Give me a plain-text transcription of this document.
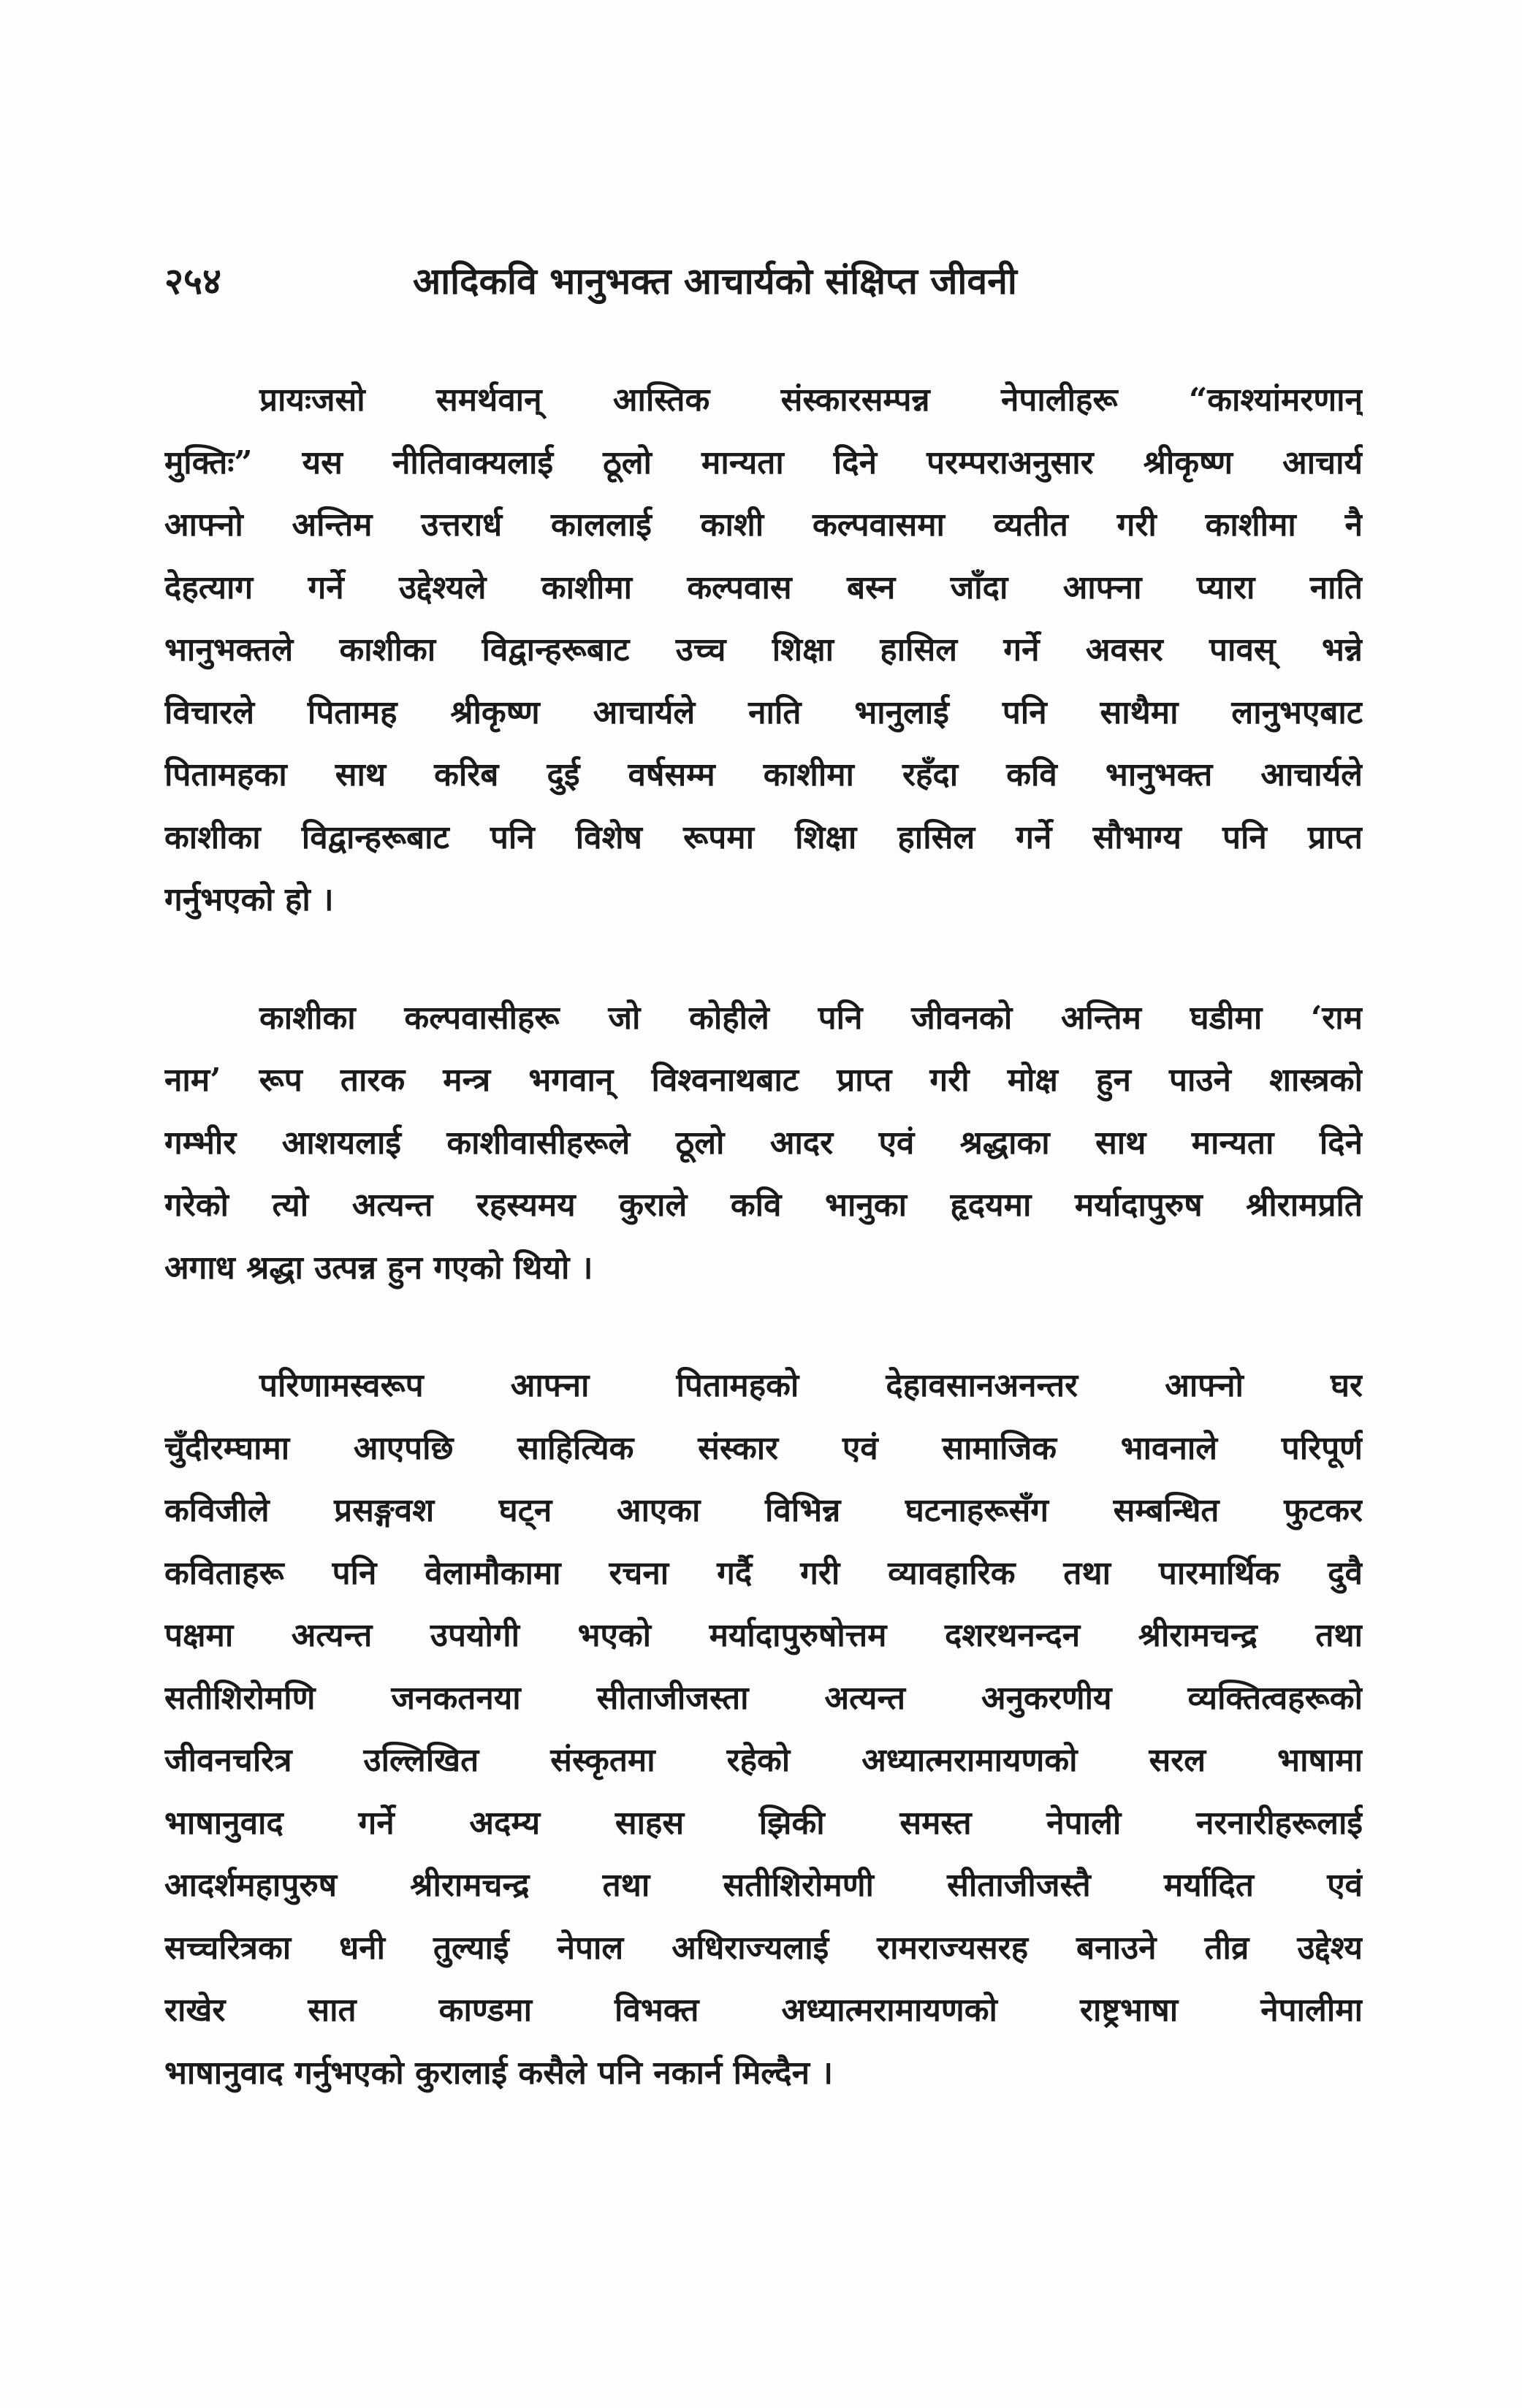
२५४	आदिकवि भानुभक्त आचार्यको संक्षिप्त जीवनी
प्रायःजसो समर्थवान् आस्तिक संस्कारसम्पन्न नेपालीहरू “काश्यांमरणान्
मुक्तिः” यस नीतिवाक्यलाई ठूलो मान्यता दिने परम्पराअनुसार श्रीकृष्ण आचार्य
आफ्नो अन्तिम उत्तरार्ध काललाई काशी कल्पवासमा व्यतीत गरी काशीमा नै
देहत्याग गर्ने उद्देश्यले काशीमा कल्पवास बस्न जाँदा आफ्ना प्यारा नाति
भानुभक्तले काशीका विद्वान्हरूबाट उच्च शिक्षा हासिल गर्ने अवसर पावस् भन्ने
विचारले पितामह श्रीकृष्ण आचार्यले नाति भानुलाई पनि साथैमा लानुभएबाट
पितामहका साथ करिब दुई वर्षसम्म काशीमा रहँदा कवि भानुभक्त आचार्यले
काशीका विद्वान्हरूबाट पनि विशेष रूपमा शिक्षा हासिल गर्ने सौभाग्य पनि प्राप्त
गर्नुभएको हो ।
काशीका कल्पवासीहरू जो कोहीले पनि जीवनको अन्तिम घडीमा ‘राम
नाम’ रूप तारक मन्त्र भगवान् विश्वनाथबाट प्राप्त गरी मोक्ष हुन पाउने शास्त्रको
गम्भीर आशयलाई काशीवासीहरूले ठूलो आदर एवं श्रद्धाका साथ मान्यता दिने
गरेको त्यो अत्यन्त रहस्यमय कुराले कवि भानुका हृदयमा मर्यादापुरुष श्रीरामप्रति
अगाध श्रद्धा उत्पन्न हुन गएको थियो ।
परिणामस्वरूप आफ्ना पितामहको देहावसानअनन्तर आफ्नो घर
चुँदीरम्घामा आएपछि साहित्यिक संस्कार एवं सामाजिक भावनाले परिपूर्ण
कविजीले प्रसङ्गवश घट्न आएका विभिन्न घटनाहरूसँग सम्बन्धित फुटकर
कविताहरू पनि वेलामौकामा रचना गर्दै गरी व्यावहारिक तथा पारमार्थिक दुवै
पक्षमा अत्यन्त उपयोगी भएको मर्यादापुरुषोत्तम दशरथनन्दन श्रीरामचन्द्र तथा
सतीशिरोमणि जनकतनया सीताजीजस्ता अत्यन्त अनुकरणीय व्यक्तित्वहरूको
जीवनचरित्र उल्लिखित संस्कृतमा रहेको अध्यात्मरामायणको सरल भाषामा
भाषानुवाद गर्ने अदम्य साहस झिकी समस्त नेपाली नरनारीहरूलाई
आदर्शमहापुरुष श्रीरामचन्द्र तथा सतीशिरोमणी सीताजीजस्तै मर्यादित एवं
सच्चरित्रका धनी तुल्याई नेपाल अधिराज्यलाई रामराज्यसरह बनाउने तीव्र उद्देश्य
राखेर सात काण्डमा विभक्त अध्यात्मरामायणको राष्ट्रभाषा नेपालीमा
भाषानुवाद गर्नुभएको कुरालाई कसैले पनि नकार्न मिल्दैन ।
